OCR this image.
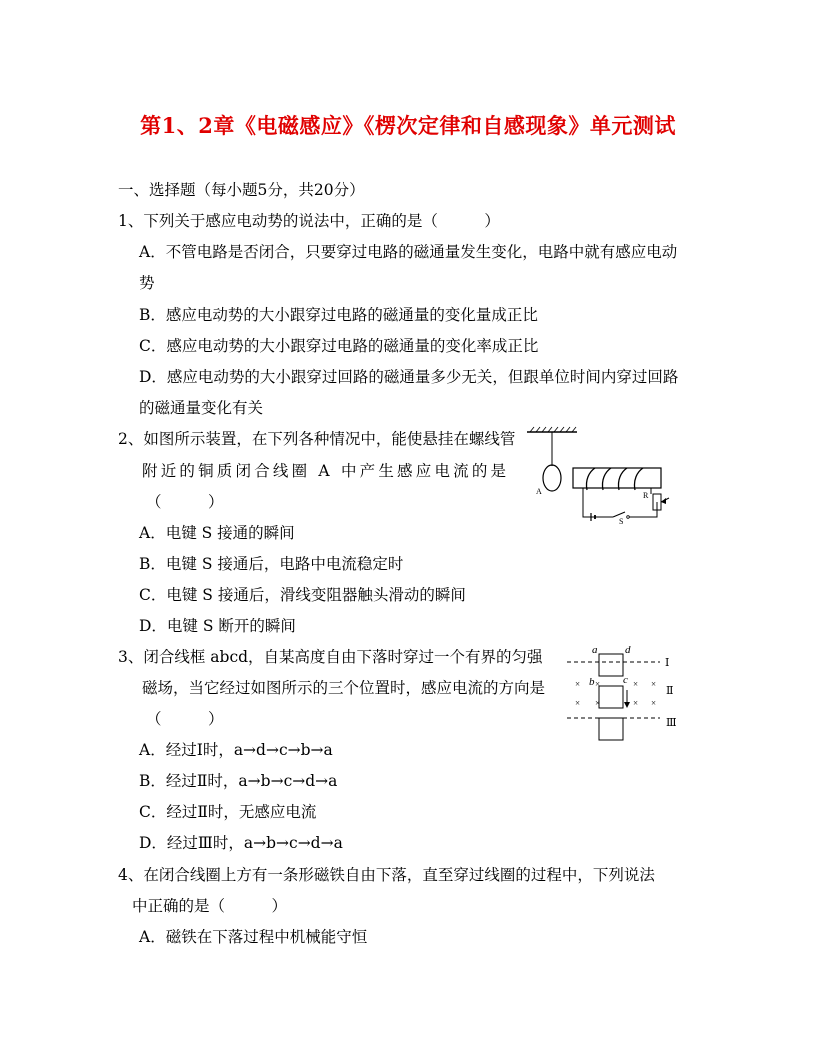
第1、2章《电磁感应》《楞次定律和自感现象》单元测试
一、选择题（每小题5分，共20分）
1、下列关于感应电动势的说法中，正确的是（　　　）
A．不管电路是否闭合，只要穿过电路的磁通量发生变化，电路中就有感应电动
势
B．感应电动势的大小跟穿过电路的磁通量的变化量成正比
C．感应电动势的大小跟穿过电路的磁通量的变化率成正比
D．感应电动势的大小跟穿过回路的磁通量多少无关，但跟单位时间内穿过回路
的磁通量变化有关
2、如图所示装置，在下列各种情况中，能使悬挂在螺线管
附近的铜质闭合线圈 A 中产生感应电流的是
（　　　）
A．电键 S 接通的瞬间
B．电键 S 接通后，电路中电流稳定时
C．电键 S 接通后，滑线变阻器触头滑动的瞬间
D．电键 S 断开的瞬间
A
S
R
3、闭合线框 abcd，自某高度自由下落时穿过一个有界的匀强
磁场，当它经过如图所示的三个位置时，感应电流的方向是
（　　　）
A．经过Ⅰ时，a→d→c→b→a
B．经过Ⅱ时，a→b→c→d→a
C．经过Ⅱ时，无感应电流
D．经过Ⅲ时，a→b→c→d→a
a	d
b	c
Ⅰ
Ⅱ
Ⅲ
× ×	× ×
× ×	× ×
4、在闭合线圈上方有一条形磁铁自由下落，直至穿过线圈的过程中，下列说法
中正确的是（　　　）
A．磁铁在下落过程中机械能守恒
